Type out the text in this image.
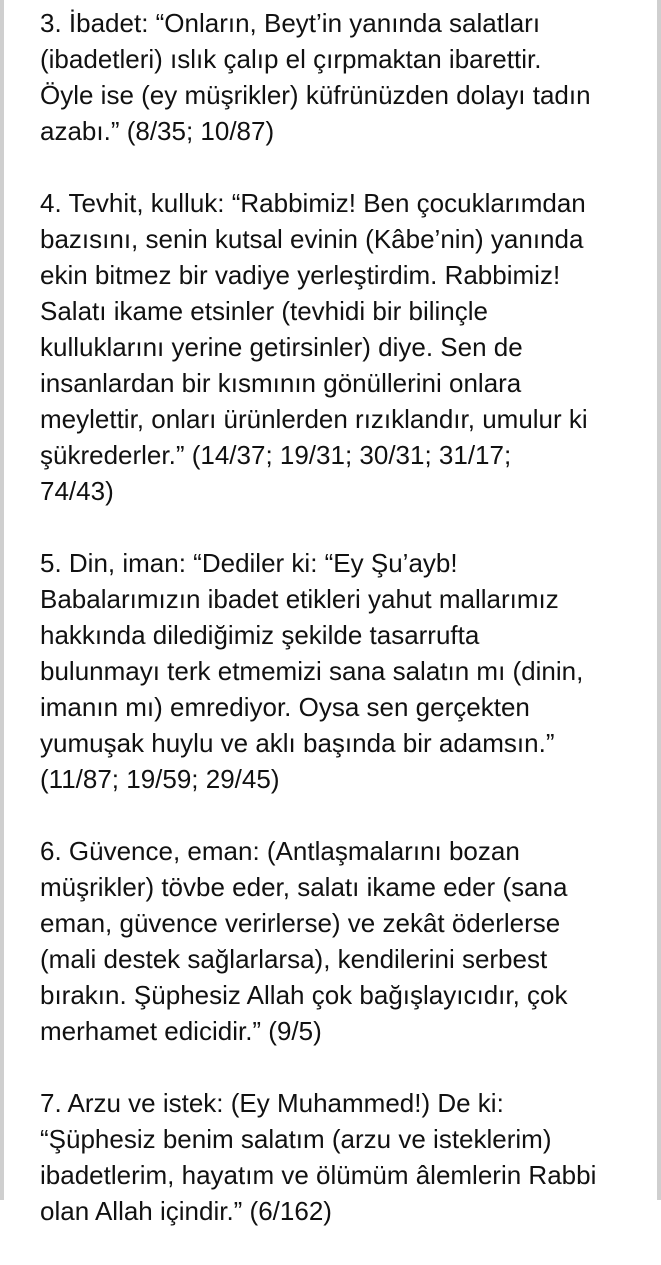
3. İbadet: “Onların, Beyt’in yanında salatları
(ibadetleri) ıslık çalıp el çırpmaktan ibarettir.
Öyle ise (ey müşrikler) küfrünüzden dolayı tadın
azabı.” (8/35; 10/87)

4. Tevhit, kulluk: “Rabbimiz! Ben çocuklarımdan
bazısını, senin kutsal evinin (Kâbe’nin) yanında
ekin bitmez bir vadiye yerleştirdim. Rabbimiz!
Salatı ikame etsinler (tevhidi bir bilinçle
kulluklarını yerine getirsinler) diye. Sen de
insanlardan bir kısmının gönüllerini onlara
meylettir, onları ürünlerden rızıklandır, umulur ki
şükrederler.” (14/37; 19/31; 30/31; 31/17;
74/43)

5. Din, iman: “Dediler ki: “Ey Şu’ayb!
Babalarımızın ibadet etikleri yahut mallarımız
hakkında dilediğimiz şekilde tasarrufta
bulunmayı terk etmemizi sana salatın mı (dinin,
imanın mı) emrediyor. Oysa sen gerçekten
yumuşak huylu ve aklı başında bir adamsın.”
(11/87; 19/59; 29/45)

6. Güvence, eman: (Antlaşmalarını bozan
müşrikler) tövbe eder, salatı ikame eder (sana
eman, güvence verirlerse) ve zekât öderlerse
(mali destek sağlarlarsa), kendilerini serbest
bırakın. Şüphesiz Allah çok bağışlayıcıdır, çok
merhamet edicidir.” (9/5)

7. Arzu ve istek: (Ey Muhammed!) De ki:
“Şüphesiz benim salatım (arzu ve isteklerim)
ibadetlerim, hayatım ve ölümüm âlemlerin Rabbi
olan Allah içindir.” (6/162)
